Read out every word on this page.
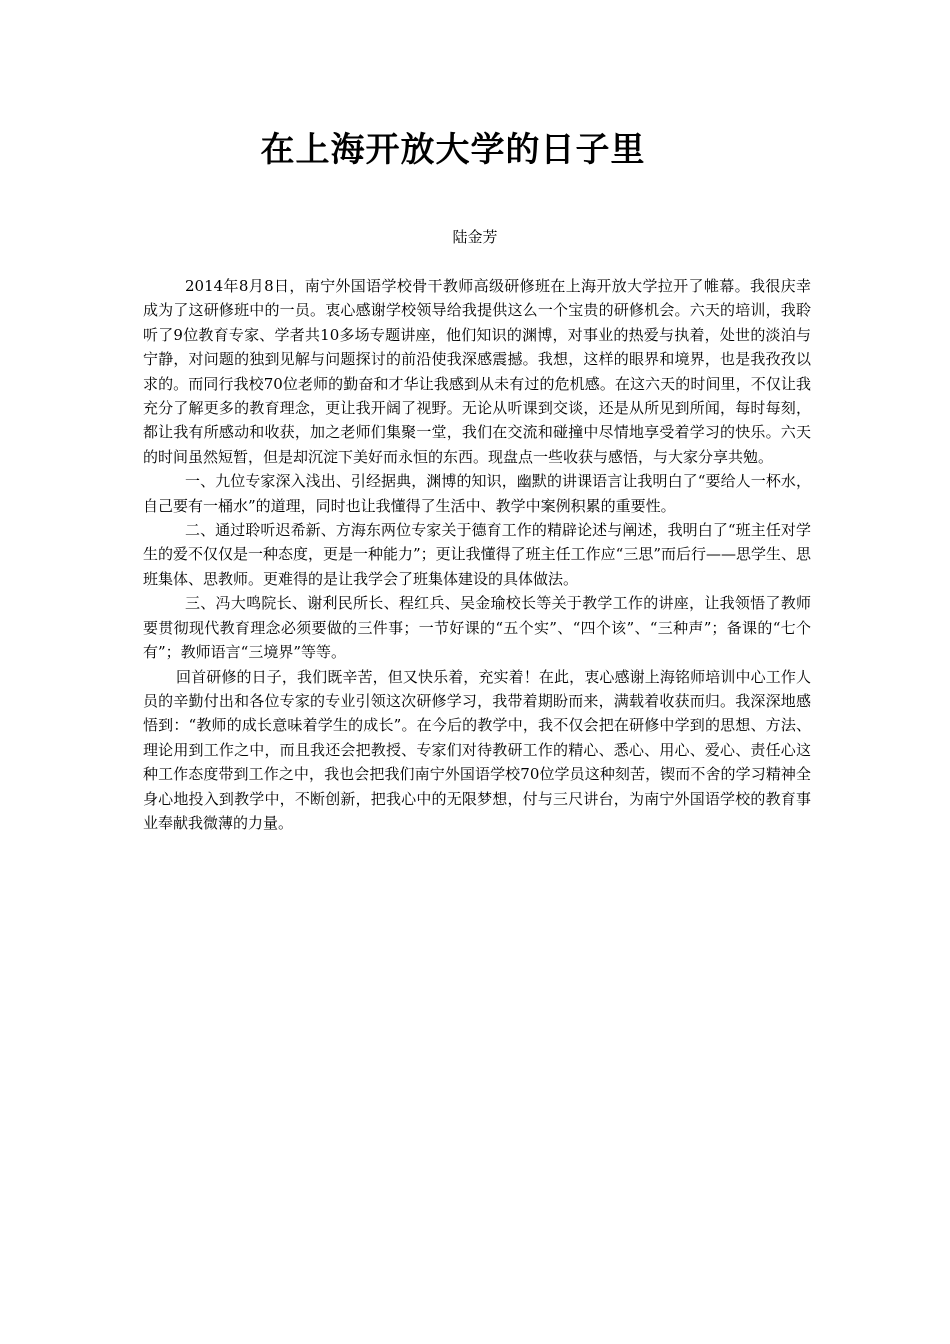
在上海开放大学的日子里

陆金芳

2014年8月8日，南宁外国语学校骨干教师高级研修班在上海开放大学拉开了帷幕。我很庆幸成为了这研修班中的一员。衷心感谢学校领导给我提供这么一个宝贵的研修机会。六天的培训，我聆听了9位教育专家、学者共10多场专题讲座，他们知识的渊博，对事业的热爱与执着，处世的淡泊与宁静，对问题的独到见解与问题探讨的前沿使我深感震撼。我想，这样的眼界和境界，也是我孜孜以求的。而同行我校70位老师的勤奋和才华让我感到从未有过的危机感。在这六天的时间里，不仅让我充分了解更多的教育理念，更让我开阔了视野。无论从听课到交谈，还是从所见到所闻，每时每刻，都让我有所感动和收获，加之老师们集聚一堂，我们在交流和碰撞中尽情地享受着学习的快乐。六天的时间虽然短暂，但是却沉淀下美好而永恒的东西。现盘点一些收获与感悟，与大家分享共勉。

一、九位专家深入浅出、引经据典，渊博的知识，幽默的讲课语言让我明白了“要给人一杯水，自己要有一桶水”的道理，同时也让我懂得了生活中、教学中案例积累的重要性。

二、通过聆听迟希新、方海东两位专家关于德育工作的精辟论述与阐述，我明白了“班主任对学生的爱不仅仅是一种态度，更是一种能力”；更让我懂得了班主任工作应“三思”而后行——思学生、思班集体、思教师。更难得的是让我学会了班集体建设的具体做法。

三、冯大鸣院长、谢利民所长、程红兵、吴金瑜校长等关于教学工作的讲座，让我领悟了教师要贯彻现代教育理念必须要做的三件事；一节好课的“五个实”、“四个该”、“三种声”；备课的“七个有”；教师语言“三境界”等等。

回首研修的日子，我们既辛苦，但又快乐着，充实着！在此，衷心感谢上海铭师培训中心工作人员的辛勤付出和各位专家的专业引领这次研修学习，我带着期盼而来，满载着收获而归。我深深地感悟到：“教师的成长意味着学生的成长”。在今后的教学中，我不仅会把在研修中学到的思想、方法、理论用到工作之中，而且我还会把教授、专家们对待教研工作的精心、悉心、用心、爱心、责任心这种工作态度带到工作之中，我也会把我们南宁外国语学校70位学员这种刻苦，锲而不舍的学习精神全身心地投入到教学中，不断创新，把我心中的无限梦想，付与三尺讲台，为南宁外国语学校的教育事业奉献我微薄的力量。
